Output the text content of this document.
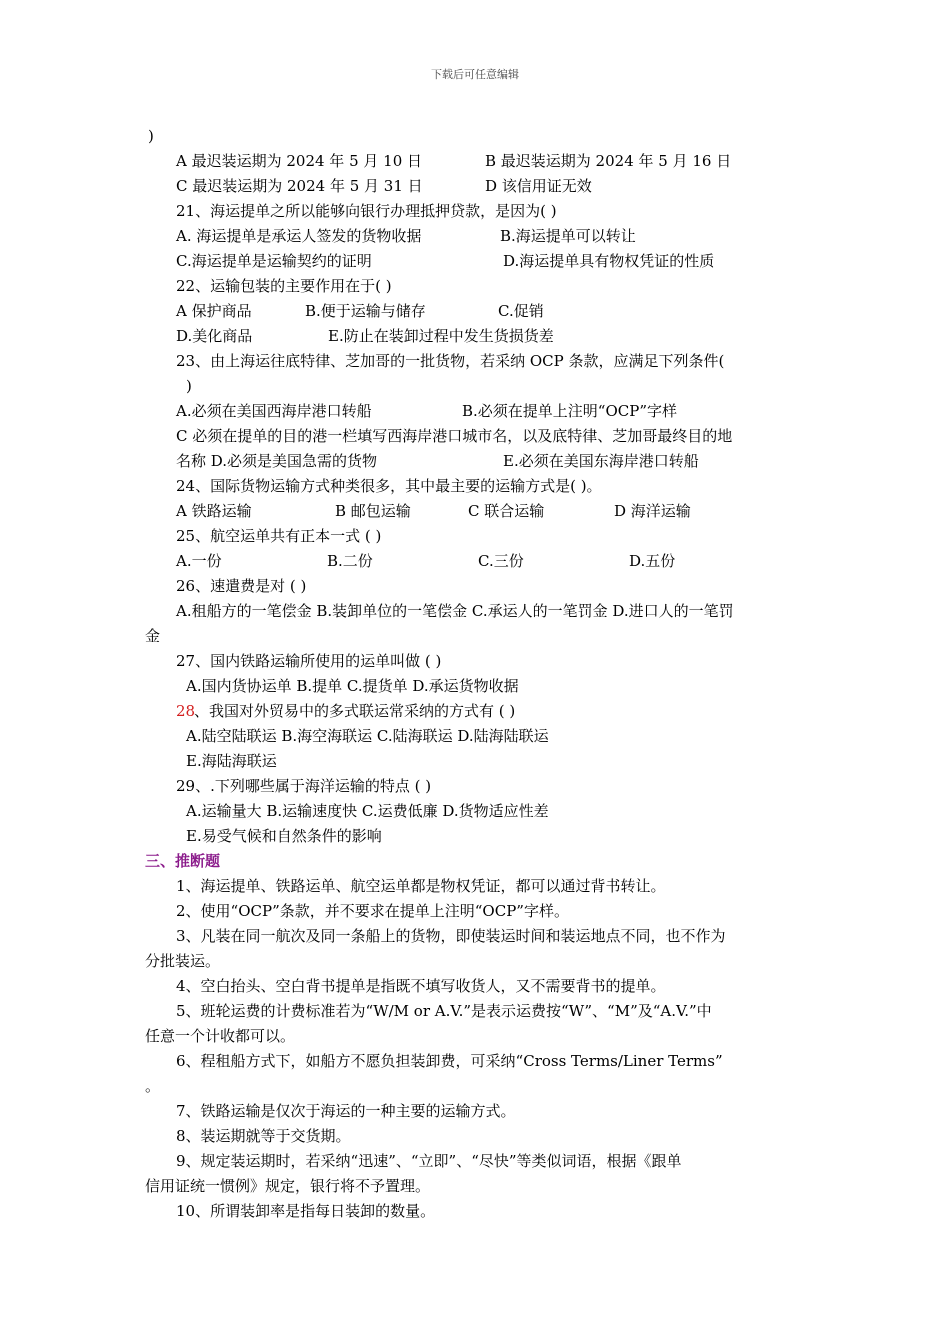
下载后可任意编辑
)
A 最迟装运期为 2024 年 5 月 10 日	B 最迟装运期为 2024 年 5 月 16 日
C 最迟装运期为 2024 年 5 月 31 日	D 该信用证无效
21、海运提单之所以能够向银行办理抵押贷款，是因为( )
A. 海运提单是承运人签发的货物收据	B.海运提单可以转让
C.海运提单是运输契约的证明	D.海运提单具有物权凭证的性质
22、运输包装的主要作用在于( )
A 保护商品	B.便于运输与储存	C.促销
D.美化商品	E.防止在装卸过程中发生货损货差
23、由上海运往底特律、芝加哥的一批货物，若采纳 OCP 条款，应满足下列条件(
)
A.必须在美国西海岸港口转船	B.必须在提单上注明“OCP”字样
C 必须在提单的目的港一栏填写西海岸港口城市名，以及底特律、芝加哥最终目的地
名称 D.必须是美国急需的货物	E.必须在美国东海岸港口转船
24、国际货物运输方式种类很多，其中最主要的运输方式是( )。
A 铁路运输	B 邮包运输	C 联合运输	D 海洋运输
25、航空运单共有正本一式 ( )
A.一份	B.二份	C.三份	D.五份
26、速遣费是对 ( )
A.租船方的一笔偿金 B.装卸单位的一笔偿金 C.承运人的一笔罚金 D.进口人的一笔罚
金
27、国内铁路运输所使用的运单叫做 ( )
A.国内货协运单 B.提单 C.提货单 D.承运货物收据
28
、我国对外贸易中的多式联运常采纳的方式有 ( )
A.陆空陆联运 B.海空海联运 C.陆海联运 D.陆海陆联运
E.海陆海联运
29、.下列哪些属于海洋运输的特点 ( )
A.运输量大 B.运输速度快 C.运费低廉 D.货物适应性差
E.易受气候和自然条件的影响
三、推断题
1、海运提单、铁路运单、航空运单都是物权凭证，都可以通过背书转让。
2、使用“OCP”条款，并不要求在提单上注明“OCP”字样。
3、凡装在同一航次及同一条船上的货物，即使装运时间和装运地点不同，也不作为
分批装运。
4、空白抬头、空白背书提单是指既不填写收货人，又不需要背书的提单。
5、班轮运费的计费标准若为“W/M or A.V.”是表示运费按“W”、“M”及“A.V.”中
任意一个计收都可以。
6、程租船方式下，如船方不愿负担装卸费，可采纳“Cross Terms/Liner Terms”
。
7、铁路运输是仅次于海运的一种主要的运输方式。
8、装运期就等于交货期。
9、规定装运期时，若采纳“迅速”、“立即”、“尽快”等类似词语，根据《跟单
信用证统一惯例》规定，银行将不予置理。
10、所谓装卸率是指每日装卸的数量。
